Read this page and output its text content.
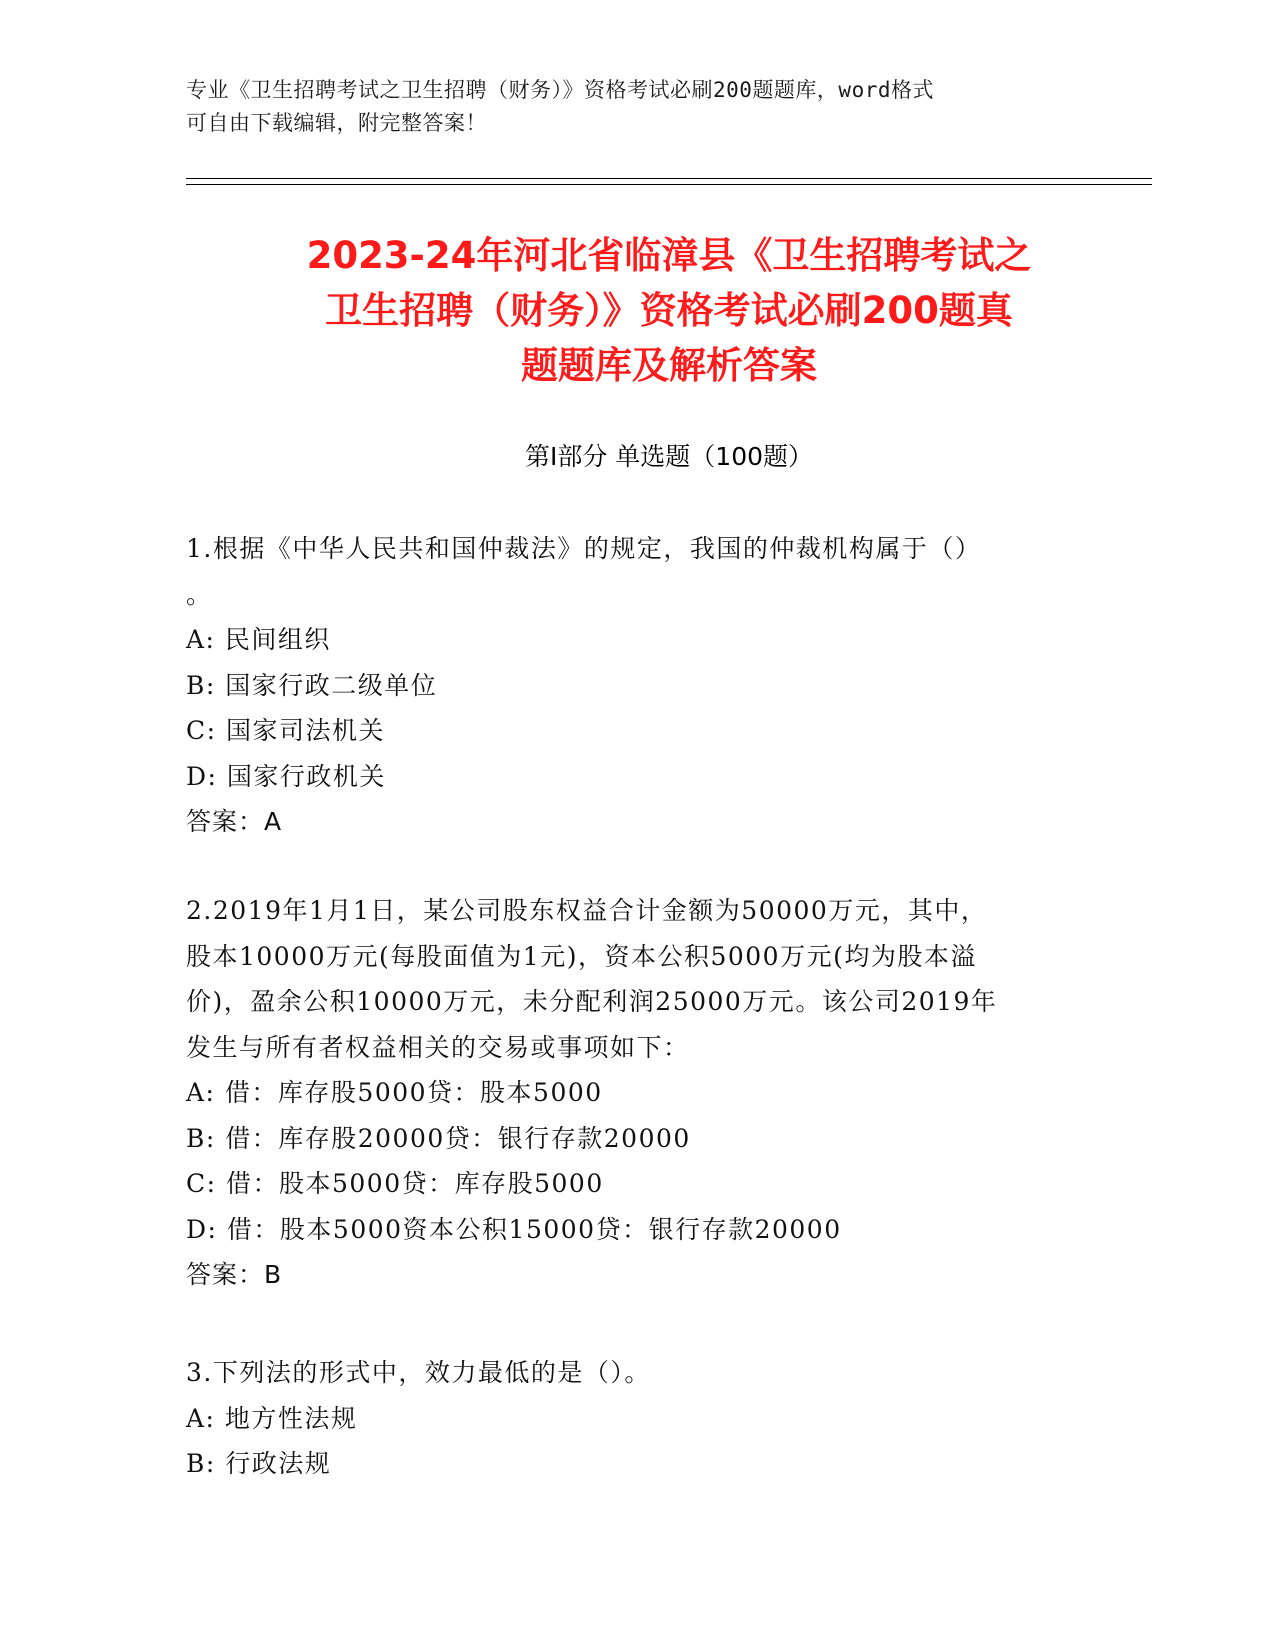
专业《卫生招聘考试之卫生招聘（财务）》资格考试必刷200题题库，word格式
可自由下载编辑，附完整答案！
2023-24年河北省临漳县《卫生招聘考试之
卫生招聘（财务）》资格考试必刷200题真
题题库及解析答案
第Ⅰ部分 单选题（100题）
1.根据《中华人民共和国仲裁法》的规定，我国的仲裁机构属于（）
。
A: 民间组织
B: 国家行政二级单位
C: 国家司法机关
D: 国家行政机关
答案：A
2.2019年1月1日，某公司股东权益合计金额为50000万元，其中，
股本10000万元(每股面值为1元)，资本公积5000万元(均为股本溢
价)，盈余公积10000万元，未分配利润25000万元。该公司2019年
发生与所有者权益相关的交易或事项如下：
A: 借：库存股5000贷：股本5000
B: 借：库存股20000贷：银行存款20000
C: 借：股本5000贷：库存股5000
D: 借：股本5000资本公积15000贷：银行存款20000
答案：B
3.下列法的形式中，效力最低的是（）。
A: 地方性法规
B: 行政法规
